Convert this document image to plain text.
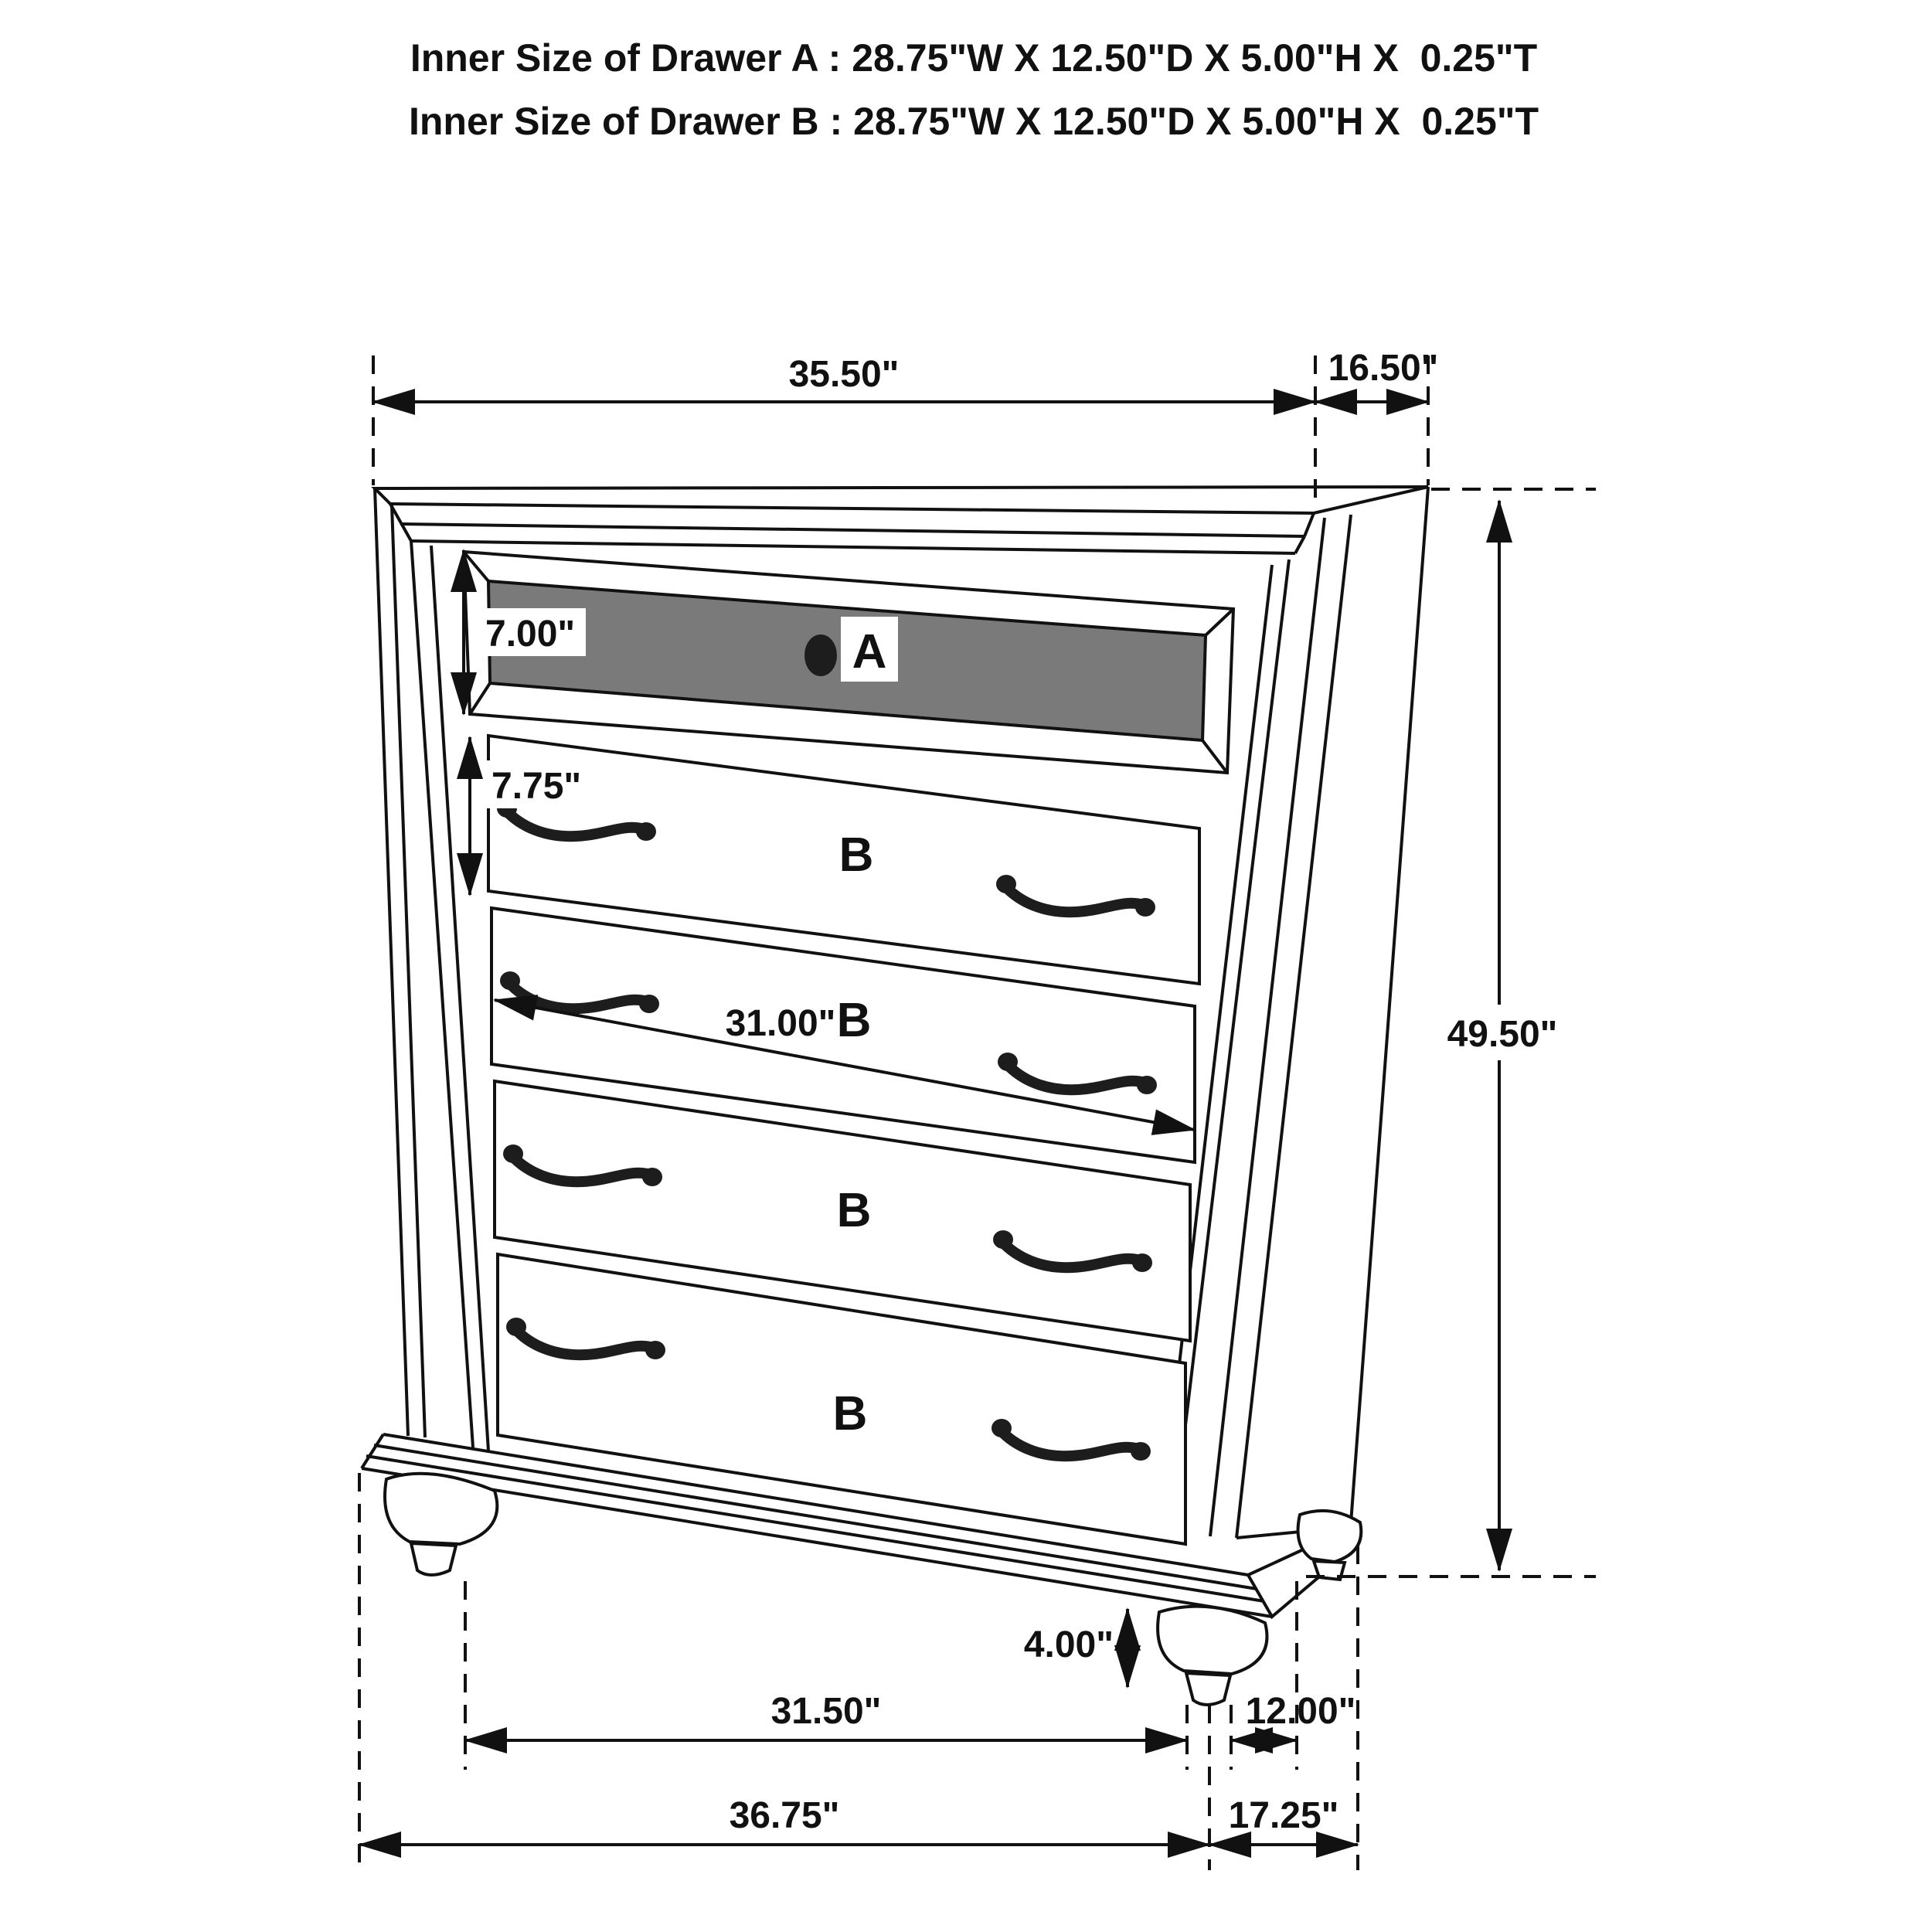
Inner Size of Drawer A : 28.75"W X 12.50"D X 5.00"H X  0.25"T
Inner Size of Drawer B : 28.75"W X 12.50"D X 5.00"H X  0.25"T
A
B
B
B
B
35.50"	16.50"
49.50"
7.00"
7.75"
31.00"
4.00"
31.50"	12.00"
36.75"	17.25"
